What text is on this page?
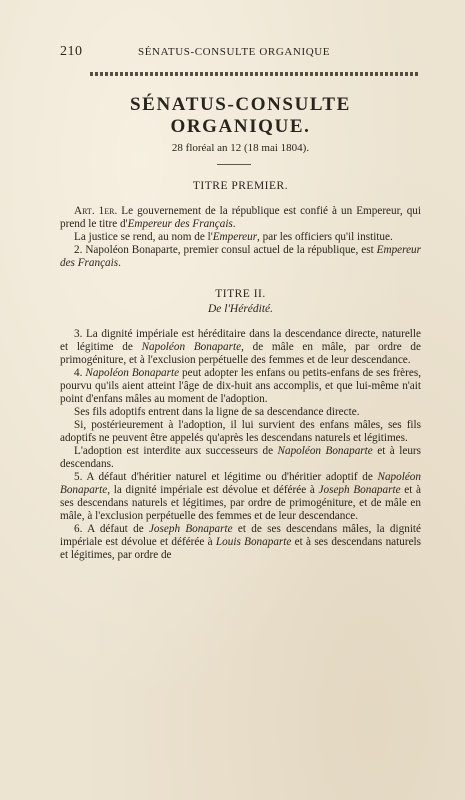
210	SÉNATUS-CONSULTE ORGANIQUE
SÉNATUS-CONSULTE ORGANIQUE.
28 floréal an 12 (18 mai 1804).
TITRE PREMIER.

Art. 1er. Le gouvernement de la république est confié à un Empereur, qui prend le titre d'Empereur des Français.

La justice se rend, au nom de l'Empereur, par les officiers qu'il institue.

2. Napoléon Bonaparte, premier consul actuel de la république, est Empereur des Français.

TITRE II.
De l'Hérédité.

3. La dignité impériale est héréditaire dans la descendance directe, naturelle et légitime de Napoléon Bonaparte, de mâle en mâle, par ordre de primogéniture, et à l'exclusion perpétuelle des femmes et de leur descendance.

4. Napoléon Bonaparte peut adopter les enfans ou petits-enfans de ses frères, pourvu qu'ils aient atteint l'âge de dix-huit ans accomplis, et que lui-même n'ait point d'enfans mâles au moment de l'adoption.

Ses fils adoptifs entrent dans la ligne de sa descendance directe.

Si, postérieurement à l'adoption, il lui survient des enfans mâles, ses fils adoptifs ne peuvent être appelés qu'après les descendans naturels et légitimes.

L'adoption est interdite aux successeurs de Napoléon Bonaparte et à leurs descendans.

5. A défaut d'héritier naturel et légitime ou d'héritier adoptif de Napoléon Bonaparte, la dignité impériale est dévolue et déférée à Joseph Bonaparte et à ses descendans naturels et légitimes, par ordre de primogéniture, et de mâle en mâle, à l'exclusion perpétuelle des femmes et de leur descendance.

6. A défaut de Joseph Bonaparte et de ses descendans mâles, la dignité impériale est dévolue et déférée à Louis Bonaparte et à ses descendans naturels et légitimes, par ordre de
